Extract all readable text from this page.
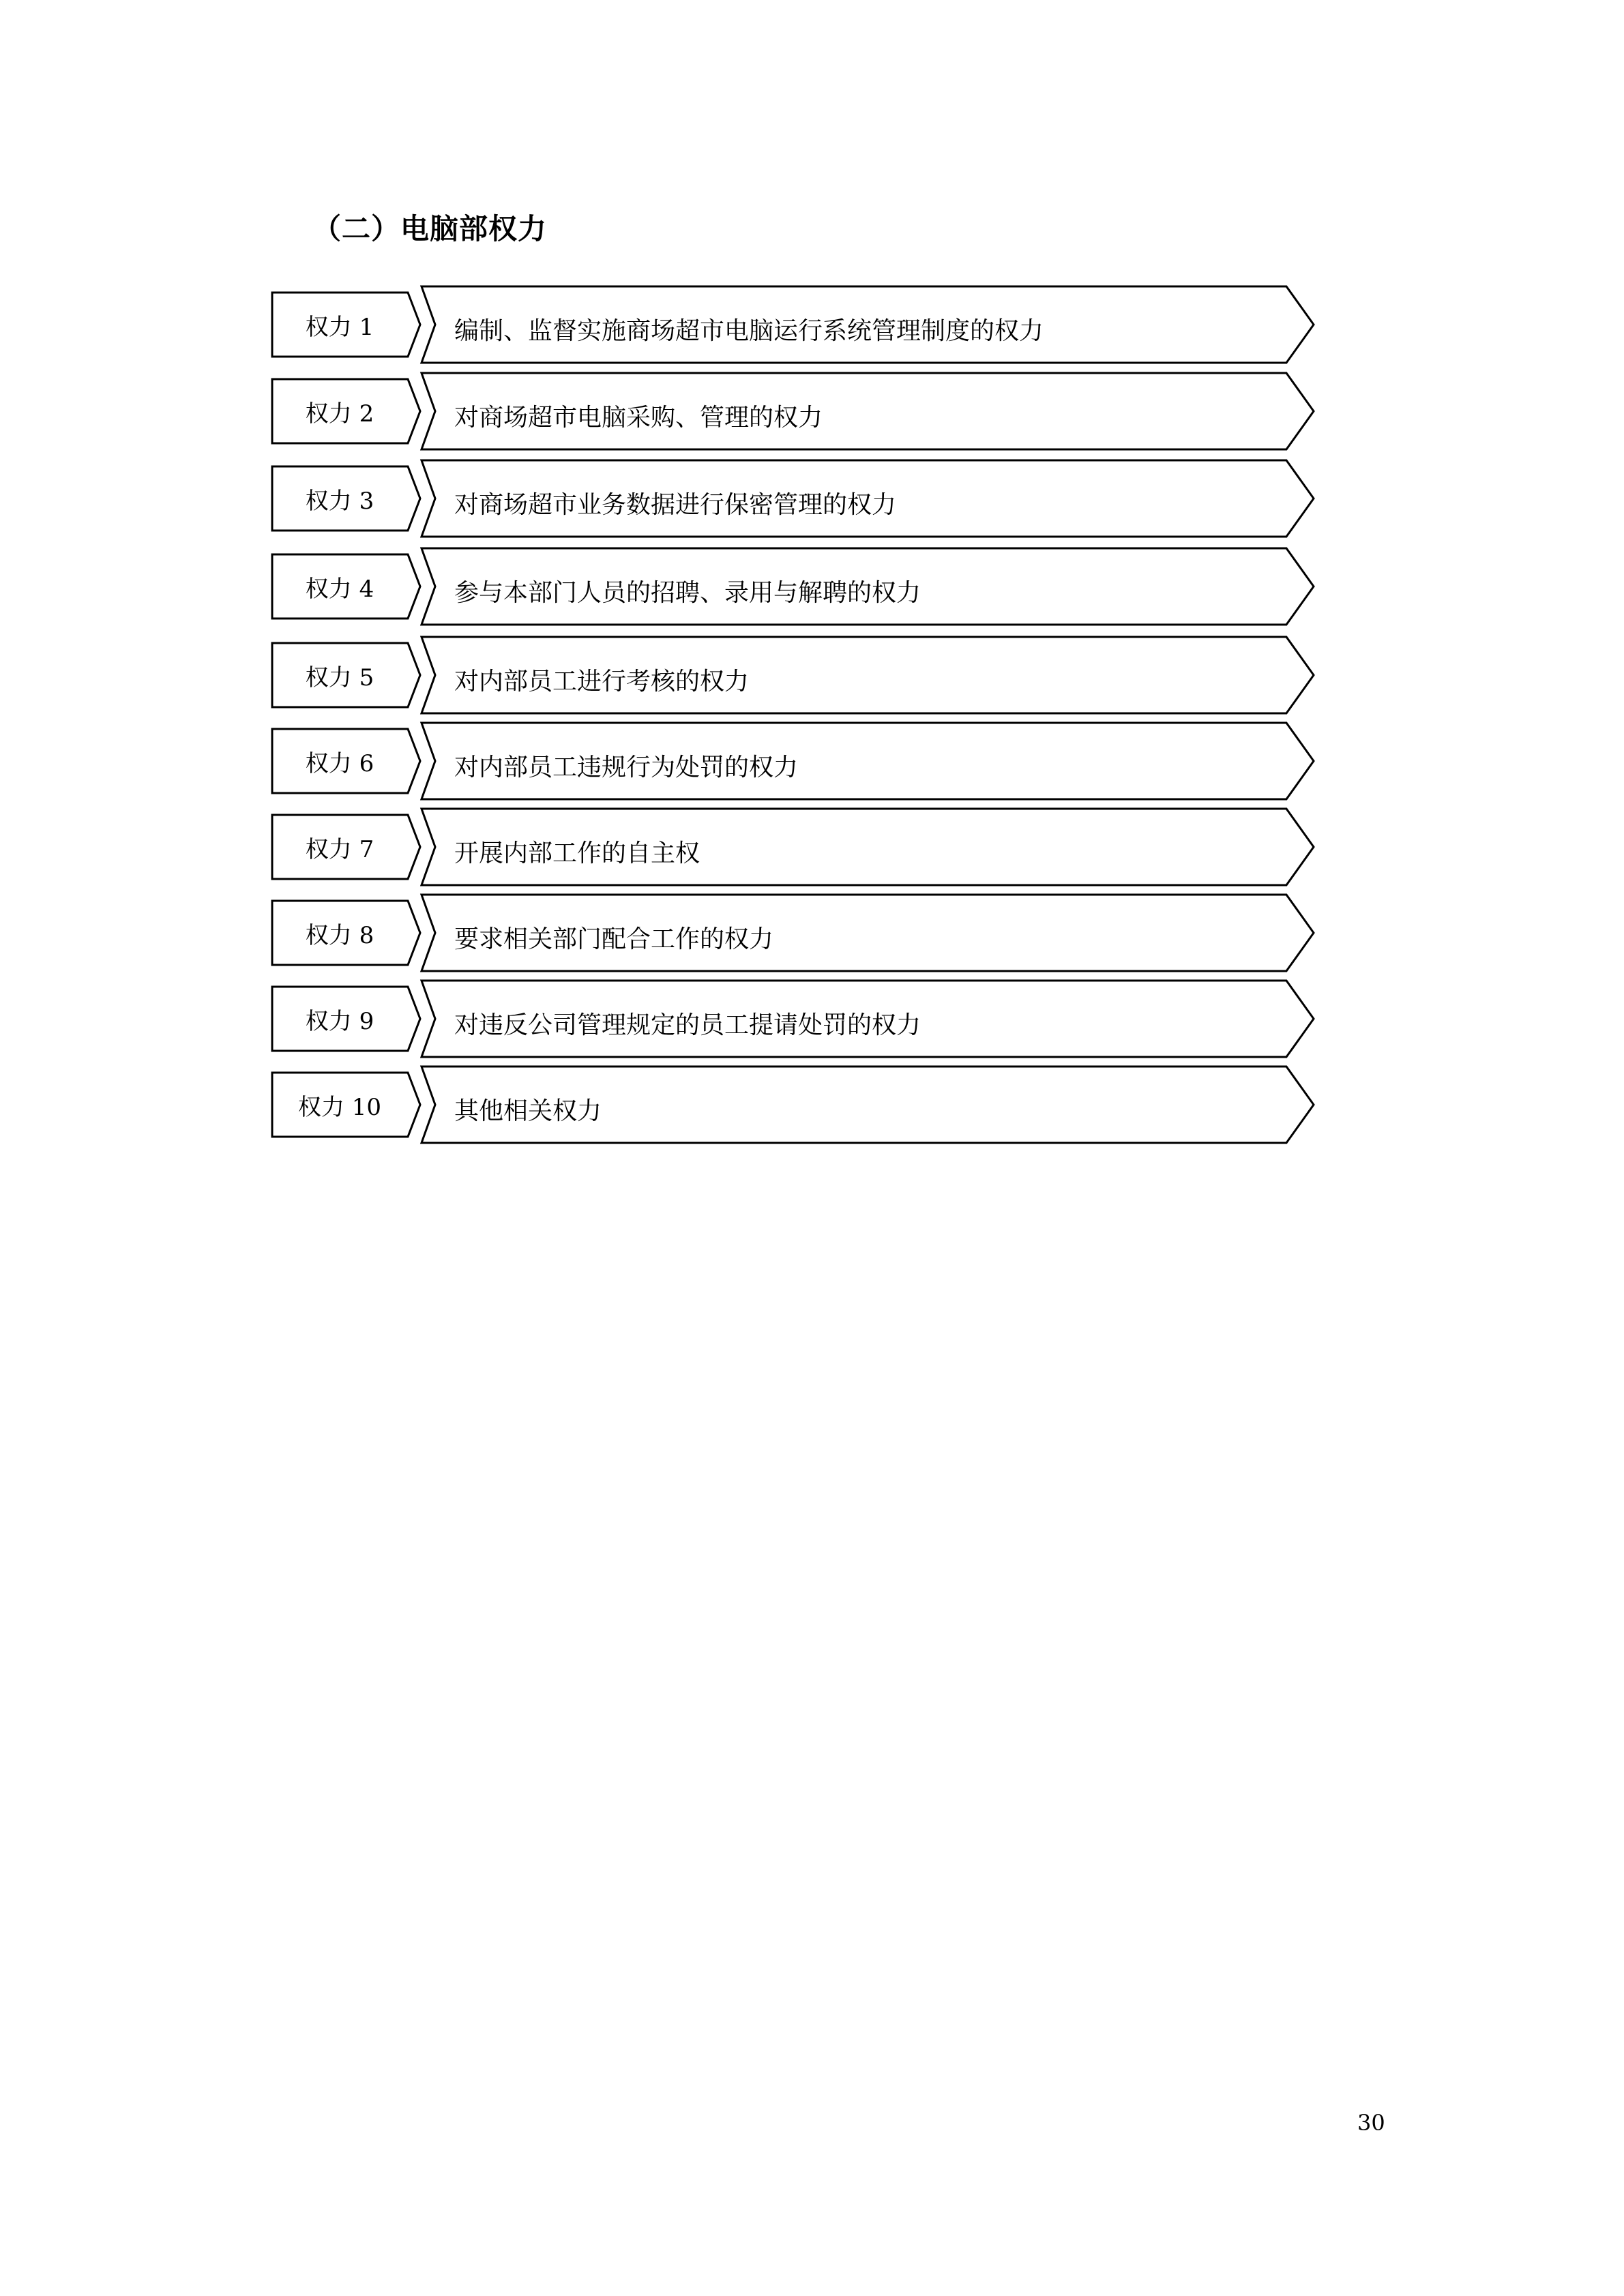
（二）电脑部权力
权力 1	编制、监督实施商场超市电脑运行系统管理制度的权力
权力 2	对商场超市电脑采购、管理的权力
权力 3	对商场超市业务数据进行保密管理的权力
权力 4	参与本部门人员的招聘、录用与解聘的权力
权力 5	对内部员工进行考核的权力
权力 6	对内部员工违规行为处罚的权力
权力 7	开展内部工作的自主权
权力 8	要求相关部门配合工作的权力
权力 9	对违反公司管理规定的员工提请处罚的权力
权力 10	其他相关权力
30
